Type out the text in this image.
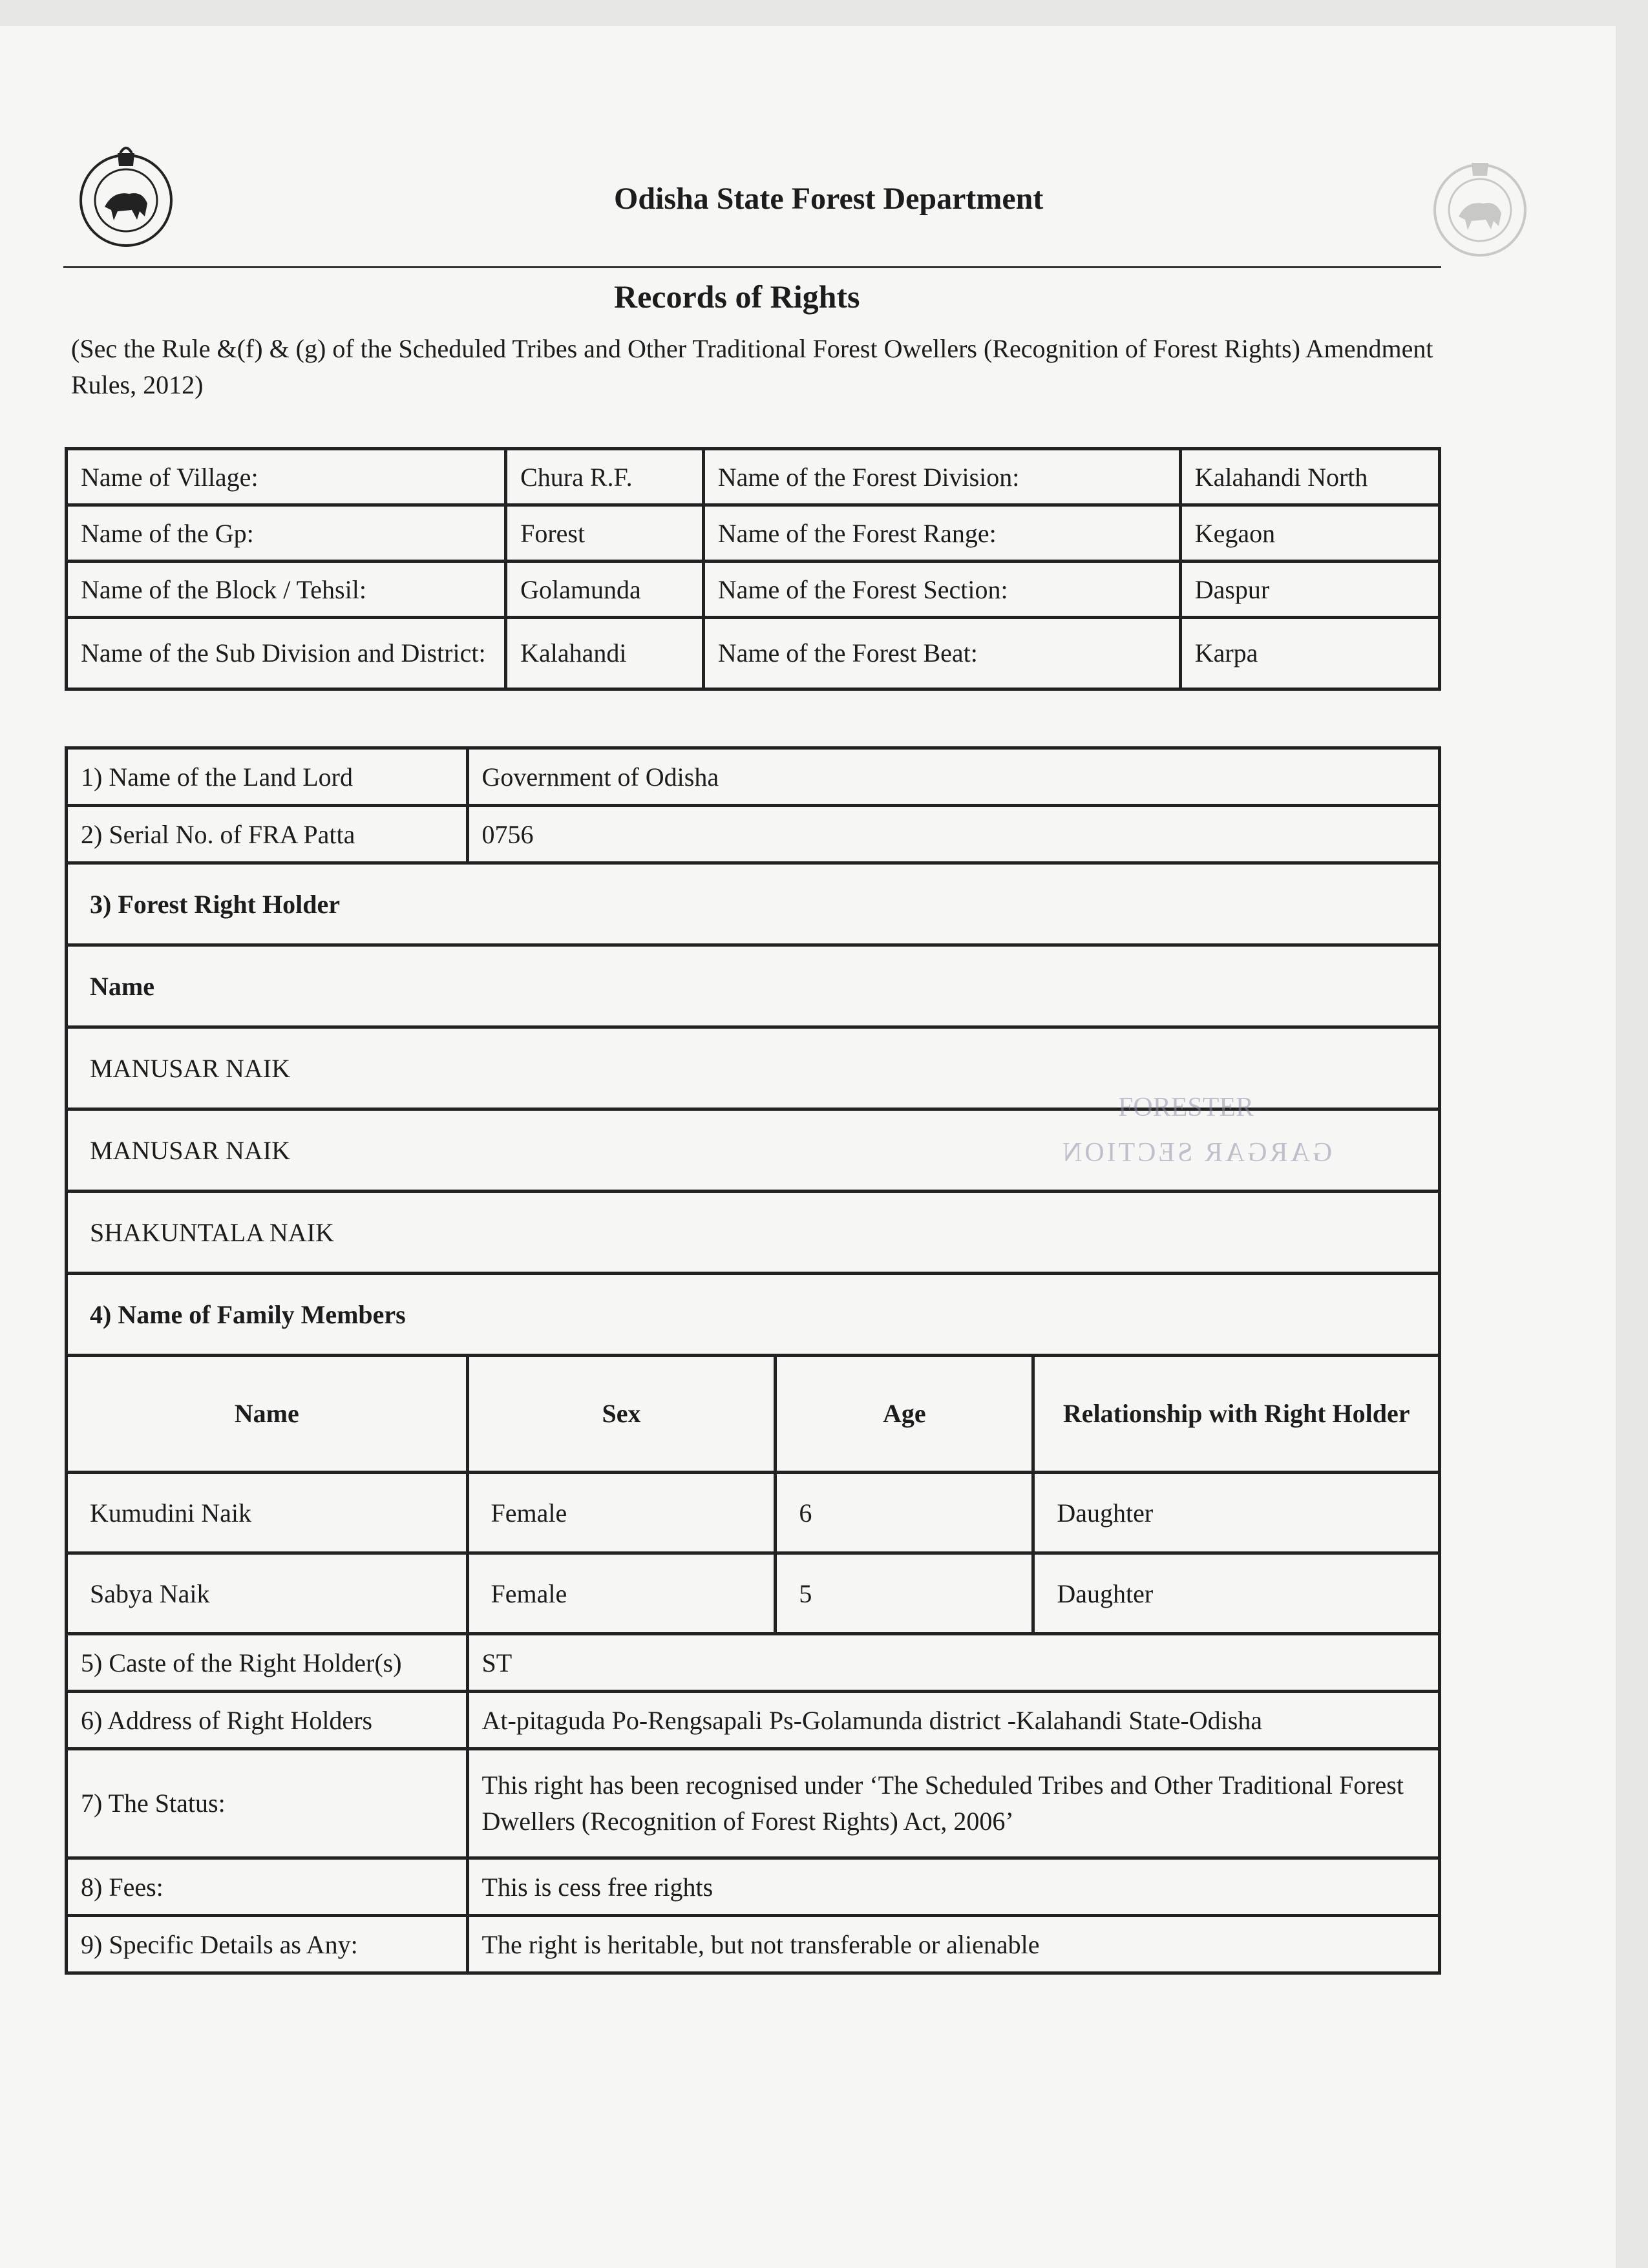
Odisha State Forest Department
Records of Rights
(Sec the Rule &(f) & (g) of the Scheduled Tribes and Other Traditional Forest Owellers (Recognition of Forest Rights) Amendment Rules, 2012)
Name of Village:	Chura R.F.	Name of the Forest Division:	Kalahandi North
Name of the Gp:	Forest	Name of the Forest Range:	Kegaon
Name of the Block / Tehsil:	Golamunda	Name of the Forest Section:	Daspur
Name of the Sub Division and District:	Kalahandi	Name of the Forest Beat:	Karpa
1) Name of the Land Lord	Government of Odisha		
2) Serial No. of FRA Patta	0756		
3) Forest Right Holder			
Name			
MANUSAR NAIK			
MANUSAR NAIK			
SHAKUNTALA NAIK			
4) Name of Family Members			
Name	Sex	Age	Relationship with Right Holder
Kumudini Naik	Female	6	Daughter
Sabya Naik	Female	5	Daughter
5) Caste of the Right Holder(s)	ST		
6) Address of Right Holders	At-pitaguda Po-Rengsapali Ps-Golamunda district -Kalahandi State-Odisha		
7) The Status:	This right has been recognised under ‘The Scheduled Tribes and Other Traditional Forest Dwellers (Recognition of Forest Rights) Act, 2006’		
8) Fees:	This is cess free rights		
9) Specific Details as Any:	The right is heritable, but not transferable or alienable		
FORESTER
GARGAR SECTION
